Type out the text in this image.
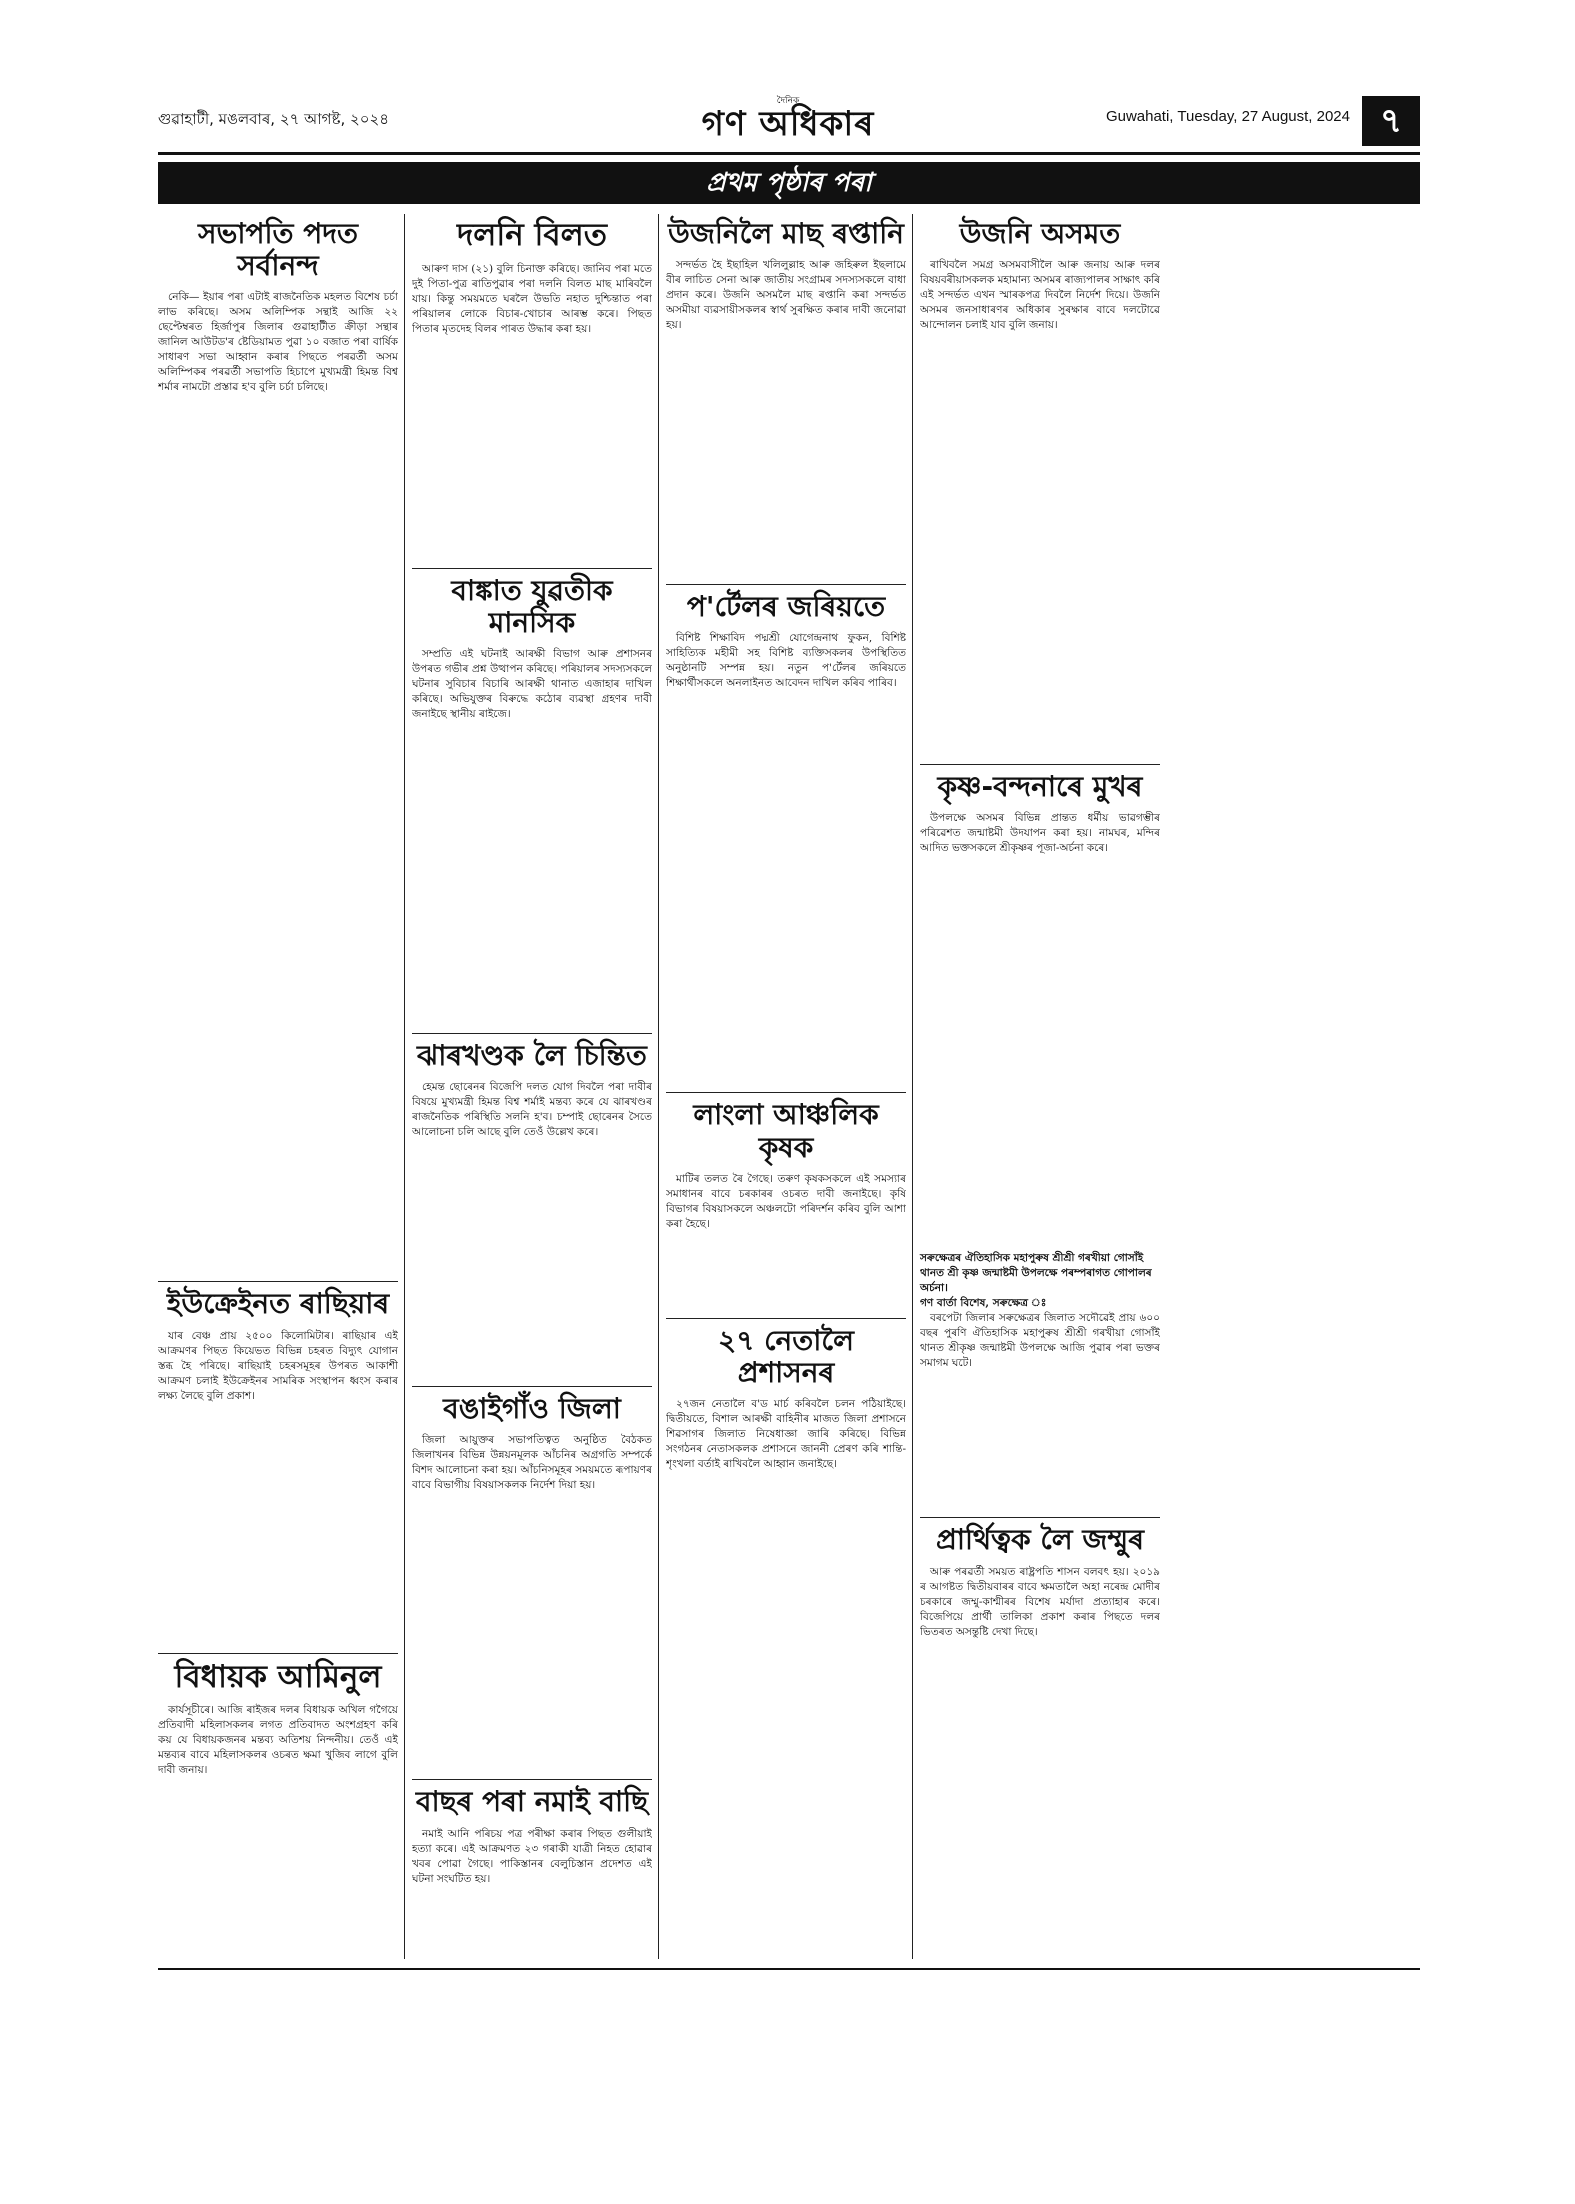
গুৱাহাটী, মঙলবাৰ, ২৭ আগষ্ট, ২০২৪
দৈনিক
গণ অধিকাৰ	Guwahati, Tuesday, 27 August, 2024 ৭
প্ৰথম পৃষ্ঠাৰ পৰা
সভাপতি পদত সৰ্বানন্দ

নেকি— ইয়াৰ পৰা এটাই ৰাজনৈতিক মহলত বিশেষ চৰ্চা লাভ কৰিছে। অসম অলিম্পিক সন্থাই আজি ২২ ছেপ্টেম্বৰত হিৰ্জাপুৰ জিলাৰ গুৱাহাটীত ক্ৰীড়া সন্থাৰ জানিল আউটড'ৰ ষ্টেডিয়ামত পুৱা ১০ বজাত পৰা বাৰ্ষিক সাধাৰণ সভা আহ্বান কৰাৰ পিছতে পৰৱৰ্তী অসম অলিম্পিকৰ পৰৱৰ্তী সভাপতি হিচাপে মুখ্যমন্ত্ৰী হিমন্ত বিশ্ব শৰ্মাৰ নামটো প্ৰস্তাৱ হ'ব বুলি চৰ্চা চলিছে।

ইউক্ৰেইনত ৰাছিয়াৰ

যাৰ বেঞ্চ প্ৰায় ২৫০০ কিলোমিটাৰ। ৰাছিয়াৰ এই আক্ৰমণৰ পিছত কিয়েভত বিভিন্ন চহৰত বিদ্যুৎ যোগান স্তব্ধ হৈ পৰিছে। ৰাছিয়াই চহৰসমূহৰ উপৰত আকাশী আক্ৰমণ চলাই ইউক্ৰেইনৰ সামৰিক সংস্থাপন ধ্বংস কৰাৰ লক্ষ্য লৈছে বুলি প্ৰকাশ।

বিধায়ক আমিনুল

কাৰ্যসূচীৰে। আজি ৰাইজৰ দলৰ বিধায়ক অখিল গগৈয়ে প্ৰতিবাদী মহিলাসকলৰ লগত প্ৰতিবাদত অংশগ্ৰহণ কৰি কয় যে বিধায়কজনৰ মন্তব্য অতিশয় নিন্দনীয়। তেওঁ এই মন্তব্যৰ বাবে মহিলাসকলৰ ওচৰত ক্ষমা খুজিব লাগে বুলি দাবী জনায়।

দলনি বিলত

আৰুণ দাস (২১) বুলি চিনাক্ত কৰিছে। জানিব পৰা মতে দুই পিতা-পুত্ৰ ৰাতিপুৱাৰ পৰা দলনি বিলত মাছ মাৰিবলৈ যায়। কিন্তু সময়মতে ঘৰলৈ উভতি নহাত দুশ্চিন্তাত পৰা পৰিয়ালৰ লোকে বিচাৰ-খোচাৰ আৰম্ভ কৰে। পিছত পিতাৰ মৃতদেহ বিলৰ পাৰত উদ্ধাৰ কৰা হয়।

বাঙ্কাত যুৱতীক মানসিক

সম্প্ৰতি এই ঘটনাই আৰক্ষী বিভাগ আৰু প্ৰশাসনৰ উপৰত গভীৰ প্ৰশ্ন উত্থাপন কৰিছে। পৰিয়ালৰ সদস্যসকলে ঘটনাৰ সুবিচাৰ বিচাৰি আৰক্ষী থানাত এজাহাৰ দাখিল কৰিছে। অভিযুক্তৰ বিৰুদ্ধে কঠোৰ ব্যৱস্থা গ্ৰহণৰ দাবী জনাইছে স্থানীয় ৰাইজে।

ঝাৰখণ্ডক লৈ চিন্তিত

হেমন্ত ছোৰেনৰ বিজেপি দলত যোগ দিবলৈ পৰা দাবীৰ বিষয়ে মুখ্যমন্ত্ৰী হিমন্ত বিশ্ব শৰ্মাই মন্তব্য কৰে যে ঝাৰখণ্ডৰ ৰাজনৈতিক পৰিস্থিতি সলনি হ'ব। চম্পাই ছোৰেনৰ সৈতে আলোচনা চলি আছে বুলি তেওঁ উল্লেখ কৰে।

বঙাইগাঁও জিলা

জিলা আয়ুক্তৰ সভাপতিত্বত অনুষ্ঠিত বৈঠকত জিলাখনৰ বিভিন্ন উন্নয়নমূলক আঁচনিৰ অগ্ৰগতি সম্পৰ্কে বিশদ আলোচনা কৰা হয়। আঁচনিসমূহৰ সময়মতে ৰূপায়ণৰ বাবে বিভাগীয় বিষয়াসকলক নিৰ্দেশ দিয়া হয়।

বাছৰ পৰা নমাই বাছি

নমাই আনি পৰিচয় পত্ৰ পৰীক্ষা কৰাৰ পিছত গুলীয়াই হত্যা কৰে। এই আক্ৰমণত ২৩ গৰাকী যাত্ৰী নিহত হোৱাৰ খবৰ পোৱা গৈছে। পাকিস্তানৰ বেলুচিস্তান প্ৰদেশত এই ঘটনা সংঘটিত হয়।

উজনিলৈ মাছ ৰপ্তানি

সন্দৰ্ভত হৈ ইছাহিল খলিলুল্লাহ আৰু জহিৰুল ইছলামে বীৰ লাচিত সেনা আৰু জাতীয় সংগ্ৰামৰ সদস্যসকলে বাধা প্ৰদান কৰে। উজনি অসমলৈ মাছ ৰপ্তানি কৰা সন্দৰ্ভত অসমীয়া ব্যৱসায়ীসকলৰ স্বাৰ্থ সুৰক্ষিত কৰাৰ দাবী জনোৱা হয়।

প'ৰ্টেলৰ জৰিয়তে

বিশিষ্ট শিক্ষাবিদ পদ্মশ্ৰী যোগেন্দ্ৰনাথ ফুকন, বিশিষ্ট সাহিত্যিক মহীমী সহ বিশিষ্ট ব্যক্তিসকলৰ উপস্থিতিত অনুষ্ঠানটি সম্পন্ন হয়। নতুন প'ৰ্টেলৰ জৰিয়তে শিক্ষাৰ্থীসকলে অনলাইনত আবেদন দাখিল কৰিব পাৰিব।

লাংলা আঞ্চলিক কৃষক

মাটিৰ তলত ৰৈ গৈছে। তৰুণ কৃষকসকলে এই সমস্যাৰ সমাধানৰ বাবে চৰকাৰৰ ওচৰত দাবী জনাইছে। কৃষি বিভাগৰ বিষয়াসকলে অঞ্চলটো পৰিদৰ্শন কৰিব বুলি আশা কৰা হৈছে।

২৭ নেতালৈ প্ৰশাসনৰ

২৭জন নেতালৈ ব'ড মাৰ্চ কৰিবলৈ চলন পঠিয়াইছে। দ্বিতীয়তে, বিশাল আৰক্ষী বাহিনীৰ মাজত জিলা প্ৰশাসনে শিৱসাগৰ জিলাত নিষেধাজ্ঞা জাৰি কৰিছে। বিভিন্ন সংগঠনৰ নেতাসকলক প্ৰশাসনে জাননী প্ৰেৰণ কৰি শান্তি-শৃংখলা বৰ্তাই ৰাখিবলৈ আহ্বান জনাইছে।

উজনি অসমত

ৰাখিবলৈ সমগ্ৰ অসমবাসীলৈ আৰু জনায় আৰু দলৰ বিষয়বৰীয়াসকলক মহামান্য অসমৰ ৰাজ্যপালৰ সাক্ষাৎ কৰি এই সন্দৰ্ভত এখন স্মাৰকপত্ৰ দিবলৈ নিৰ্দেশ দিয়ে। উজনি অসমৰ জনসাধাৰণৰ অধিকাৰ সুৰক্ষাৰ বাবে দলটোৱে আন্দোলন চলাই যাব বুলি জনায়।

কৃষ্ণ-বন্দনাৰে মুখৰ

উপলক্ষে অসমৰ বিভিন্ন প্ৰান্তত ধৰ্মীয় ভাৱগম্ভীৰ পৰিৱেশত জন্মাষ্টমী উদযাপন কৰা হয়। নামঘৰ, মন্দিৰ আদিত ভক্তসকলে শ্ৰীকৃষ্ণৰ পূজা-অৰ্চনা কৰে।

সৰুক্ষেত্ৰৰ ঐতিহাসিক মহাপুৰুষ শ্ৰীশ্ৰী গৰখীয়া গোসাঁই থানত শ্ৰী কৃষ্ণ জন্মাষ্টমী উপলক্ষে পৰম্পৰাগত গোপালৰ অৰ্চনা।
গণ বাৰ্তা বিশেষ, সৰুক্ষেত্ৰ ঃ

বৰপেটা জিলাৰ সৰুক্ষেত্ৰৰ জিলাত সদৌৱেই প্ৰায় ৬০০ বছৰ পুৰণি ঐতিহাসিক মহাপুৰুষ শ্ৰীশ্ৰী গৰখীয়া গোসাঁই থানত শ্ৰীকৃষ্ণ জন্মাষ্টমী উপলক্ষে আজি পুৱাৰ পৰা ভক্তৰ সমাগম ঘটে।

প্ৰাৰ্থিত্বক লৈ জম্মুৰ

আৰু পৰৱৰ্তী সময়ত ৰাষ্ট্ৰপতি শাসন বলবৎ হয়। ২০১৯ ৰ আগষ্টত দ্বিতীয়বাৰৰ বাবে ক্ষমতালৈ অহা নৰেন্দ্ৰ মোদীৰ চৰকাৰে জম্মু-কাশ্মীৰৰ বিশেষ মৰ্যাদা প্ৰত্যাহাৰ কৰে। বিজেপিয়ে প্ৰাৰ্থী তালিকা প্ৰকাশ কৰাৰ পিছতে দলৰ ভিতৰত অসন্তুষ্টি দেখা দিছে।
